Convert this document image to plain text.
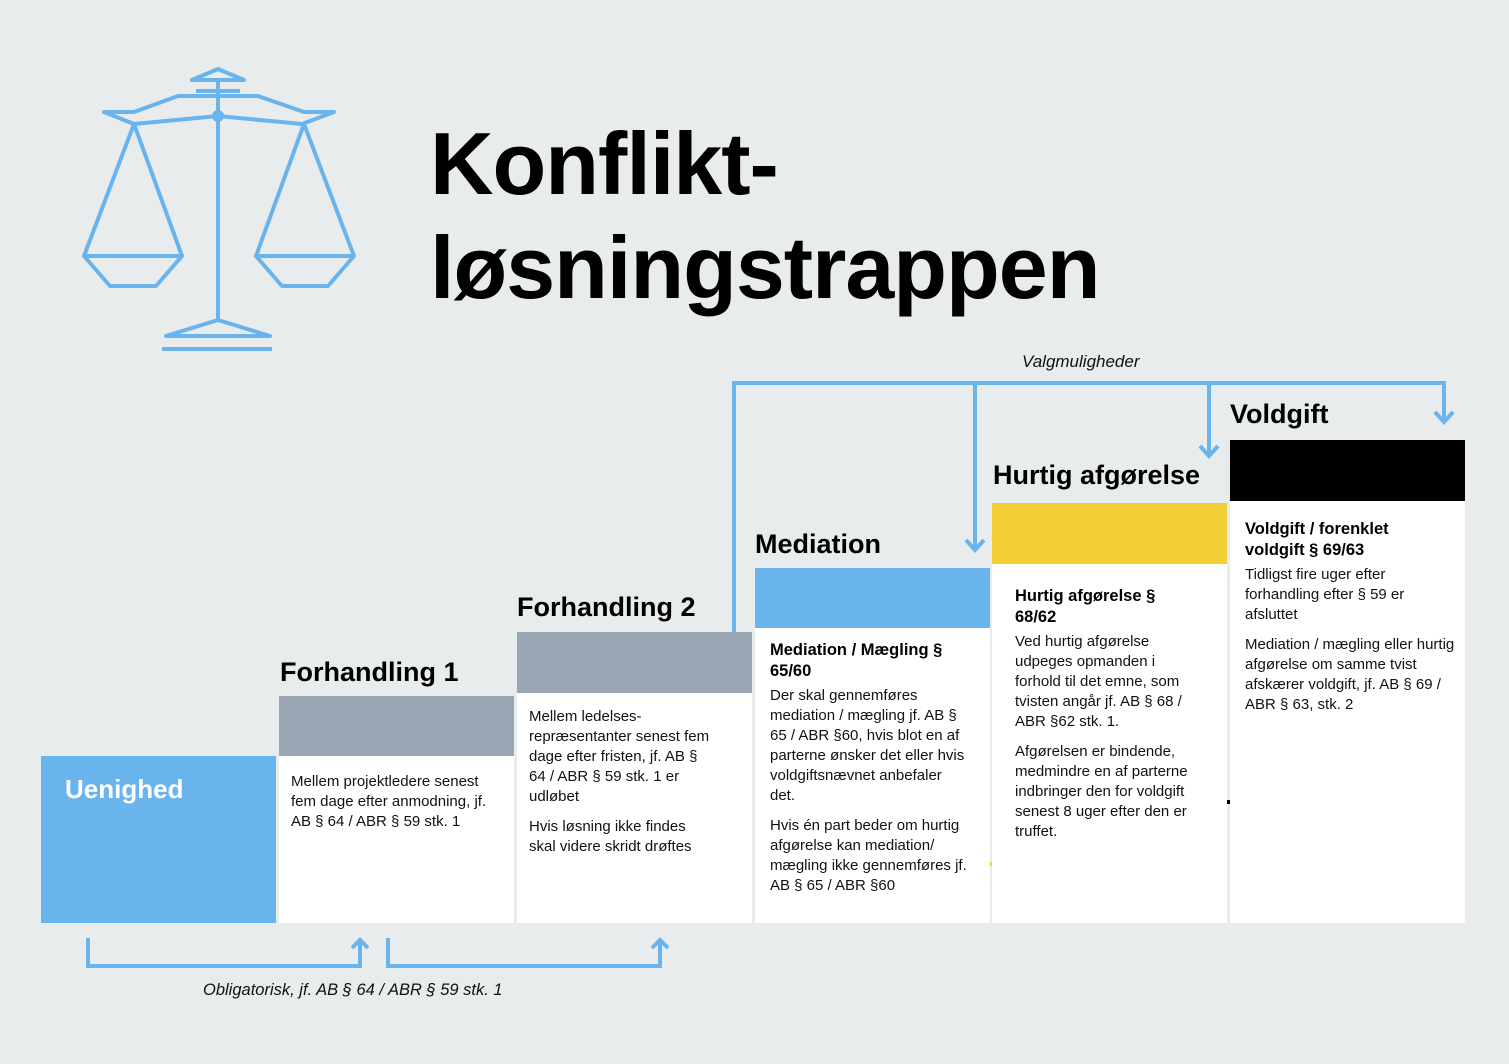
Konflikt-
løsningstrappen
Uenighed
Forhandling 1

Mellem projektledere senest fem dage efter anmodning, jf. AB § 64 / ABR § 59 stk. 1

Forhandling 2

Mellem ledelses-repræsentanter senest fem dage efter fristen, jf. AB § 64 / ABR § 59 stk. 1 er udløbet

Hvis løsning ikke findes skal videre skridt drøftes

Mediation
Mediation / Mægling § 65/60

Der skal gennemføres mediation / mægling jf. AB § 65 / ABR §60, hvis blot en af parterne ønsker det eller hvis voldgiftsnævnet anbefaler det.

Hvis én part beder om hurtig afgørelse kan mediation/ mægling ikke gennemføres jf. AB § 65 / ABR §60

Hurtig afgørelse
Hurtig afgørelse § 68/62

Ved hurtig afgørelse udpeges opmanden i forhold til det emne, som tvisten angår jf. AB § 68 / ABR §62 stk. 1.

Afgørelsen er bindende, medmindre en af parterne indbringer den for voldgift senest 8 uger efter den er truffet.

Voldgift
Voldgift / forenklet voldgift § 69/63

Tidligst fire uger efter forhandling efter § 59 er afsluttet

Mediation / mægling eller hurtig afgørelse om samme tvist afskærer voldgift, jf. AB § 69 / ABR § 63, stk. 2

Valgmuligheder
Obligatorisk, jf. AB § 64 / ABR § 59 stk. 1
